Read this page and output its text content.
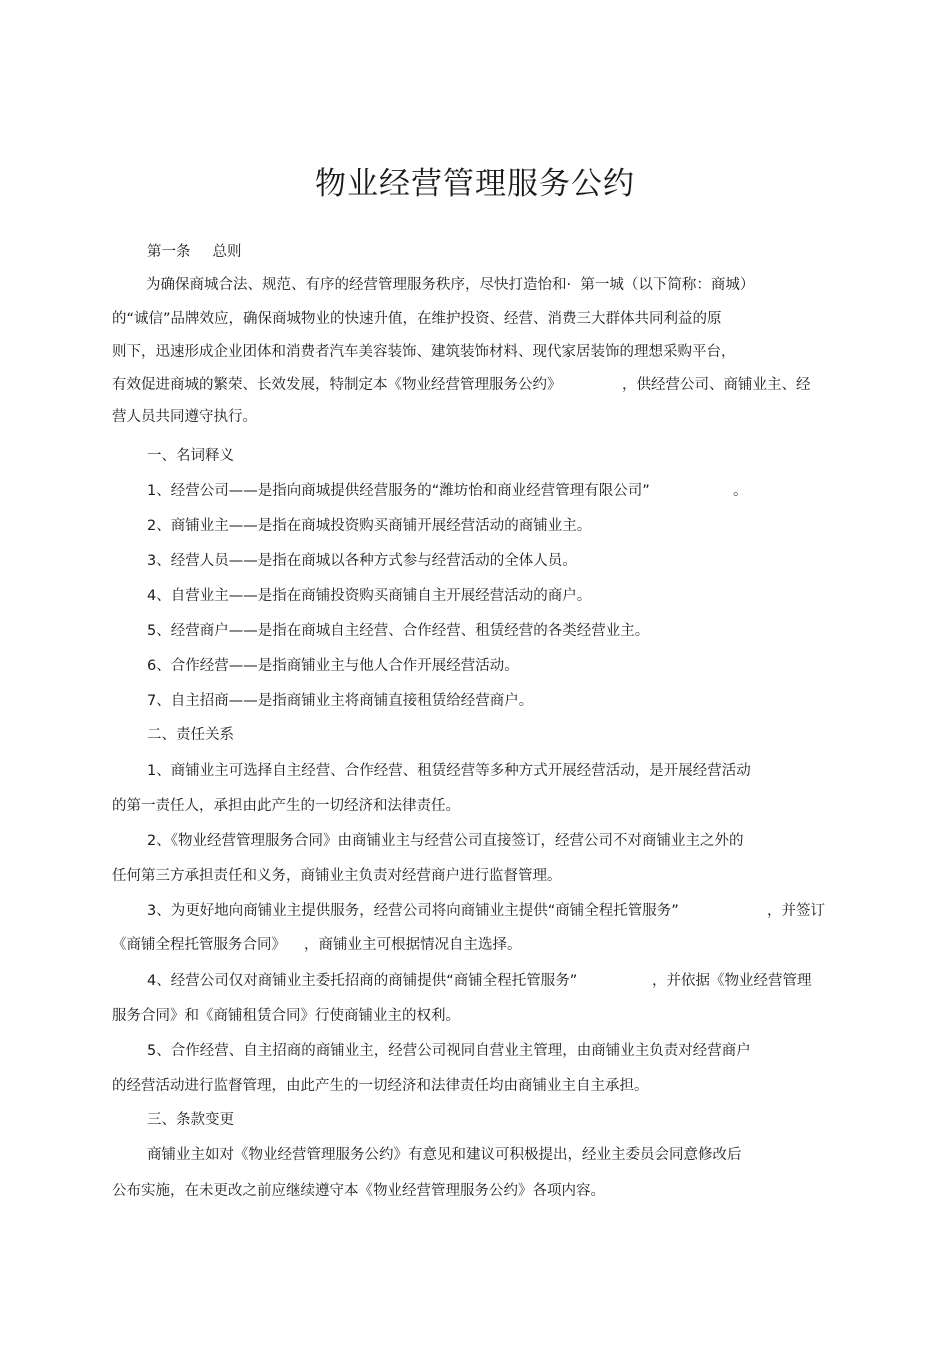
物业经营管理服务公约
第一条 总则
为确保商城合法、规范、有序的经营管理服务秩序，尽快打造怡和·  第一城（以下简称：商城）
的“诚信”品牌效应，确保商城物业的快速升值，在维护投资、经营、消费三大群体共同利益的原
则下，迅速形成企业团体和消费者汽车美容装饰、建筑装饰材料、现代家居装饰的理想采购平台，
有效促进商城的繁荣、长效发展，特制定本《物业经营管理服务公约》	，供经营公司、商铺业主、经
营人员共同遵守执行。
一、名词释义
1、经营公司——是指向商城提供经营服务的“潍坊怡和商业经营管理有限公司”	。
2、商铺业主——是指在商城投资购买商铺开展经营活动的商铺业主。
3、经营人员——是指在商城以各种方式参与经营活动的全体人员。
4、自营业主——是指在商铺投资购买商铺自主开展经营活动的商户。
5、经营商户——是指在商城自主经营、合作经营、租赁经营的各类经营业主。
6、合作经营——是指商铺业主与他人合作开展经营活动。
7、自主招商——是指商铺业主将商铺直接租赁给经营商户。
二、责任关系
1、商铺业主可选择自主经营、合作经营、租赁经营等多种方式开展经营活动，是开展经营活动
的第一责任人，承担由此产生的一切经济和法律责任。
2、《物业经营管理服务合同》由商铺业主与经营公司直接签订，经营公司不对商铺业主之外的
任何第三方承担责任和义务，商铺业主负责对经营商户进行监督管理。
3、为更好地向商铺业主提供服务，经营公司将向商铺业主提供“商铺全程托管服务”	，并签订
《商铺全程托管服务合同》 ，商铺业主可根据情况自主选择。
4、经营公司仅对商铺业主委托招商的商铺提供“商铺全程托管服务”	，并依据《物业经营管理
服务合同》和《商铺租赁合同》行使商铺业主的权利。
5、合作经营、自主招商的商铺业主，经营公司视同自营业主管理，由商铺业主负责对经营商户
的经营活动进行监督管理，由此产生的一切经济和法律责任均由商铺业主自主承担。
三、条款变更
商铺业主如对《物业经营管理服务公约》有意见和建议可积极提出，经业主委员会同意修改后
公布实施，在未更改之前应继续遵守本《物业经营管理服务公约》各项内容。
